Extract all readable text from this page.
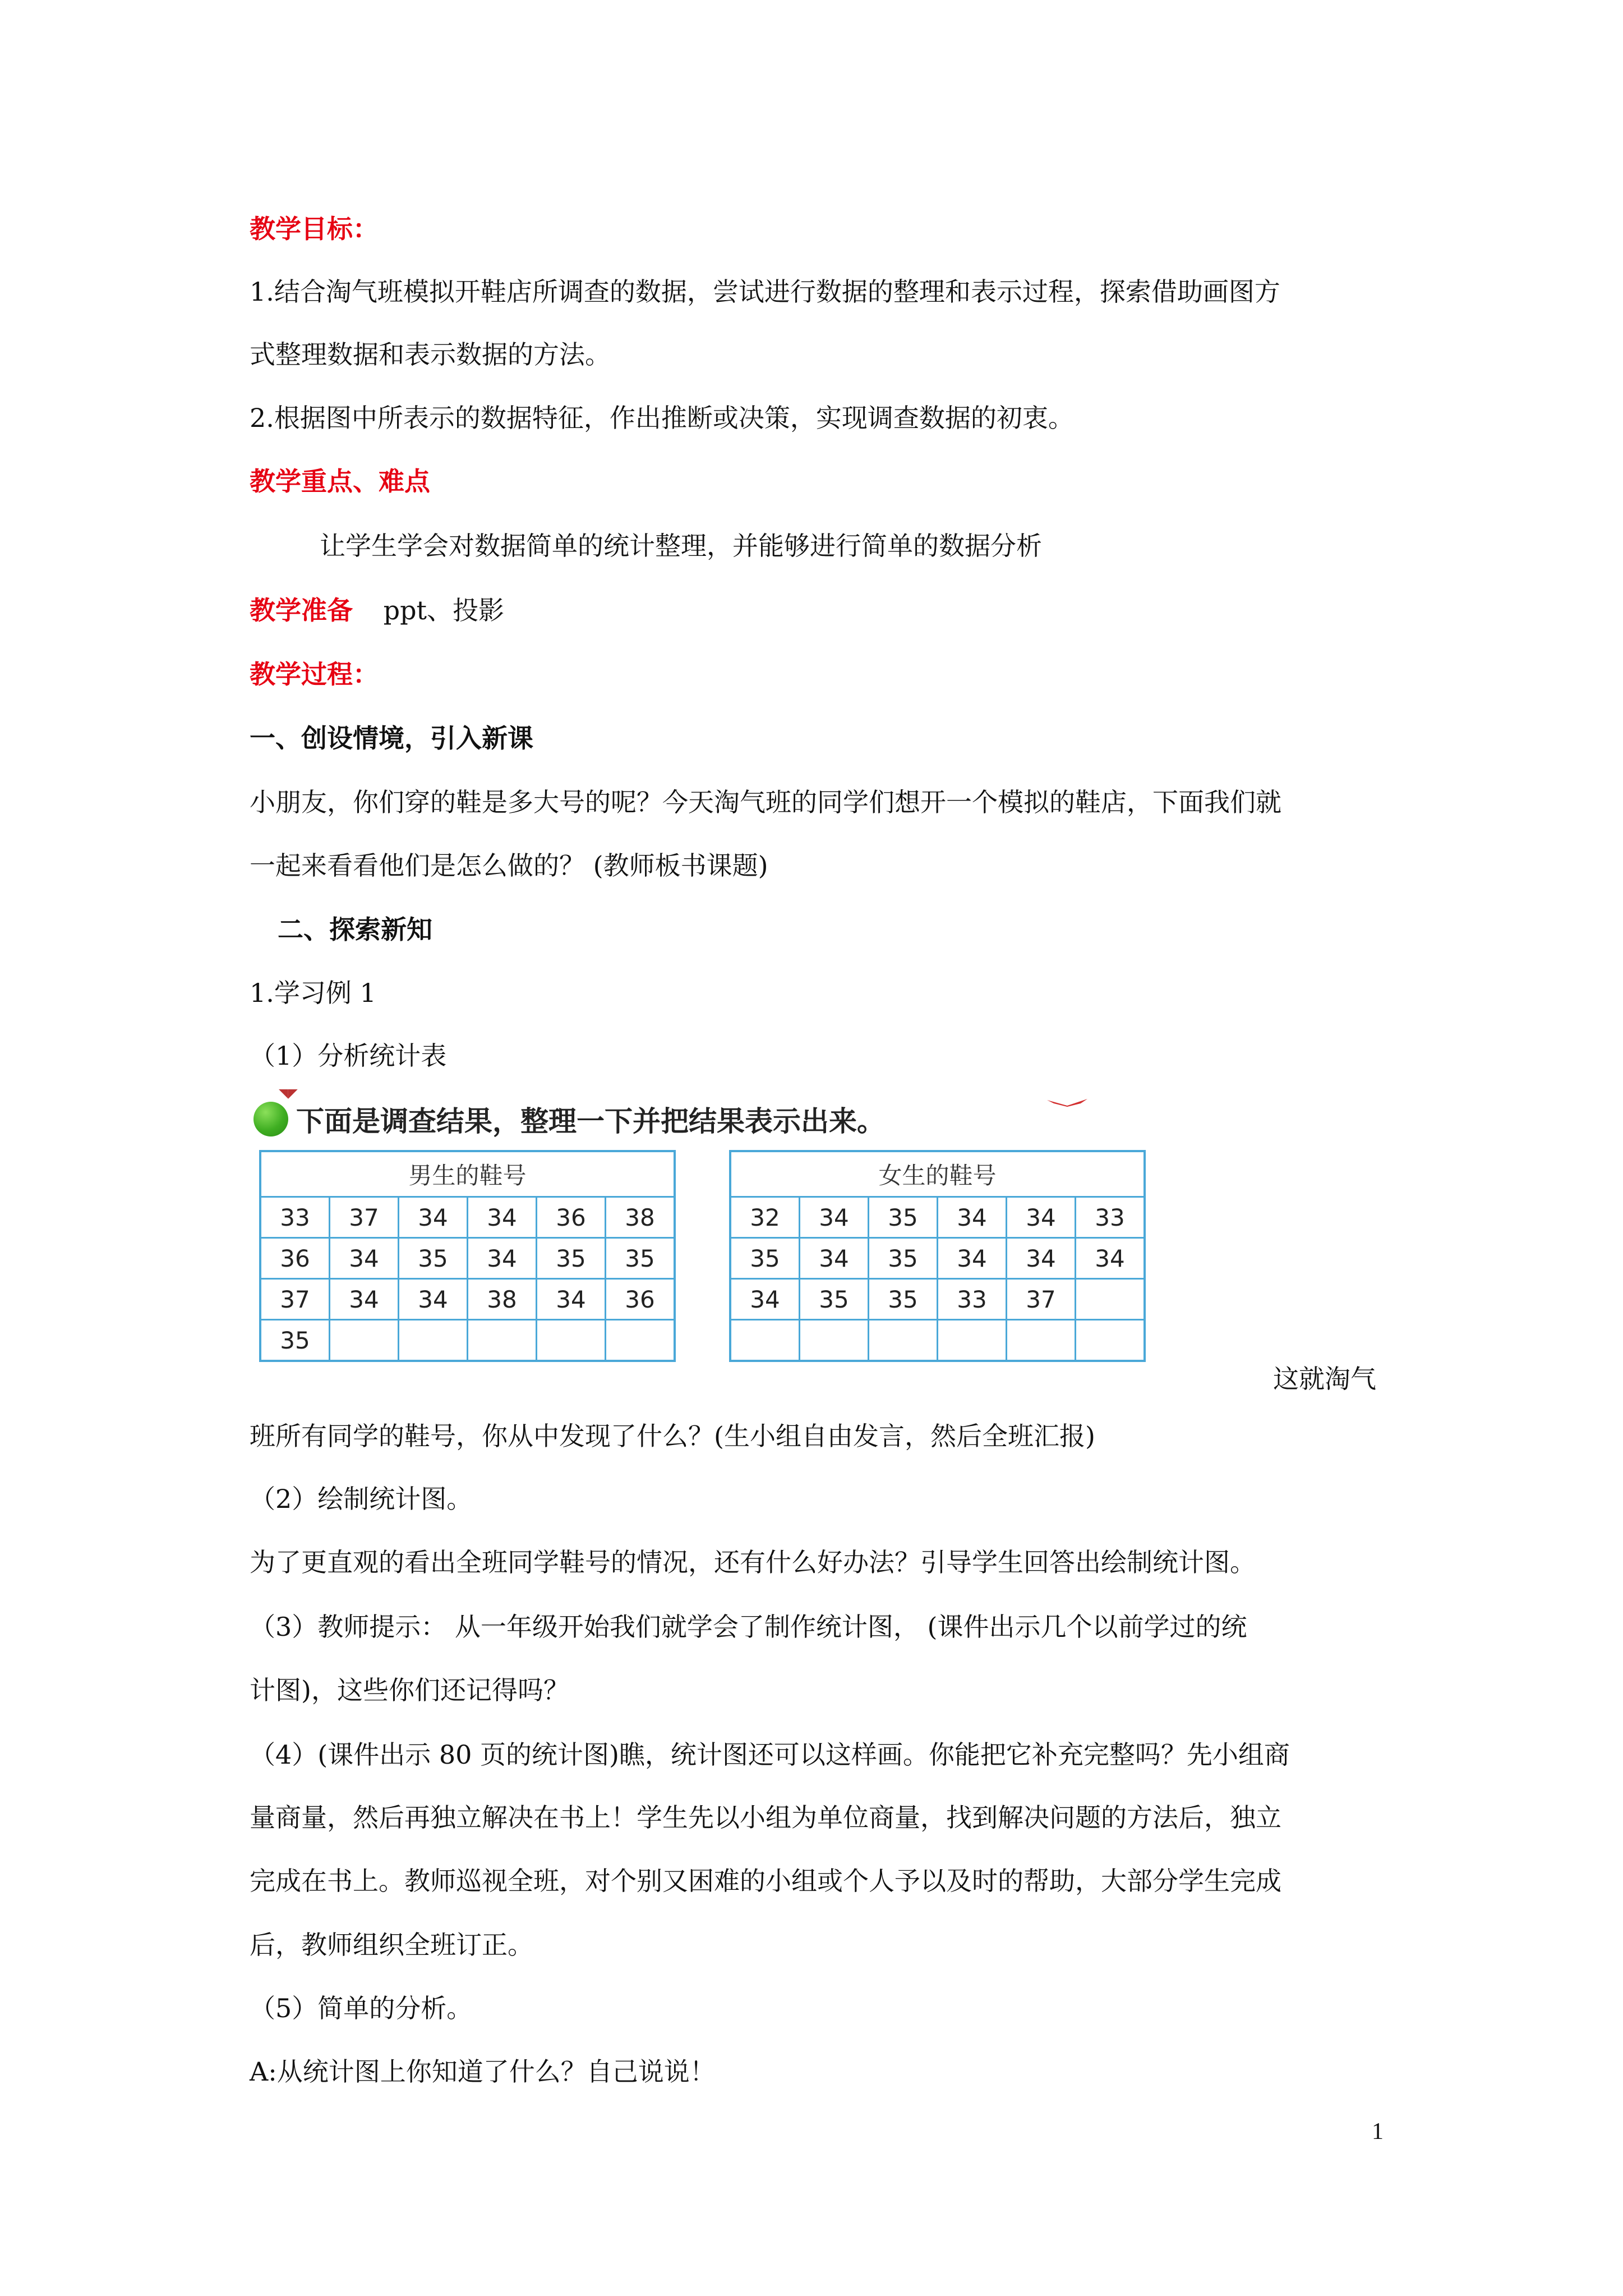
教学目标：

1.结合淘气班模拟开鞋店所调查的数据，尝试进行数据的整理和表示过程，探索借助画图方

式整理数据和表示数据的方法。

2.根据图中所表示的数据特征，作出推断或决策，实现调查数据的初衷。

教学重点、难点

让学生学会对数据简单的统计整理，并能够进行简单的数据分析

教学准备 ppt、投影

教学过程：

一、创设情境，引入新课

小朋友，你们穿的鞋是多大号的呢？今天淘气班的同学们想开一个模拟的鞋店，下面我们就

一起来看看他们是怎么做的？ (教师板书课题)

二、探索新知

1.学习例 1

（1）分析统计表

◥◤
下面是调查结果，整理一下并把结果表示出来。
男生的鞋号					
33	37	34	34	36	38
36	34	35	34	35	35
37	34	34	38	34	36
35					
女生的鞋号					
32	34	35	34	34	33
35	34	35	34	34	34
34	35	35	33	37	

这就淘气

班所有同学的鞋号，你从中发现了什么？(生小组自由发言，然后全班汇报)

（2）绘制统计图。

为了更直观的看出全班同学鞋号的情况，还有什么好办法？引导学生回答出绘制统计图。

（3）教师提示： 从一年级开始我们就学会了制作统计图， (课件出示几个以前学过的统

计图)，这些你们还记得吗？

（4）(课件出示 80 页的统计图)瞧，统计图还可以这样画。你能把它补充完整吗？先小组商

量商量，然后再独立解决在书上！学生先以小组为单位商量，找到解决问题的方法后，独立

完成在书上。教师巡视全班，对个别又困难的小组或个人予以及时的帮助，大部分学生完成

后，教师组织全班订正。

（5）简单的分析。

A:从统计图上你知道了什么？自己说说！

1
